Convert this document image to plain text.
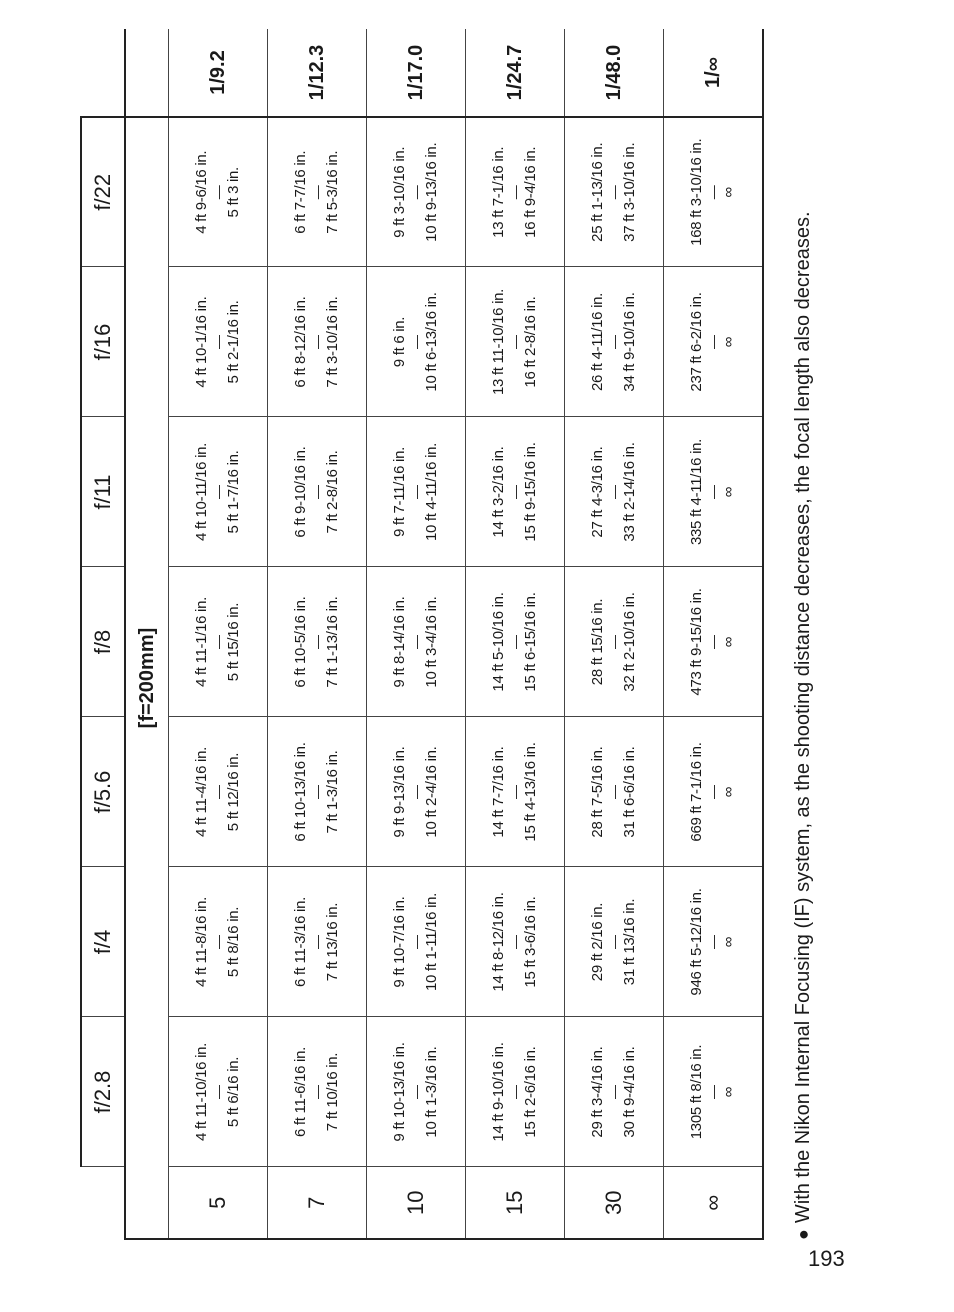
	f/2.8	f/4	f/5.6	f/8	f/11	f/16	f/22	
[f=200mm]								
5	4 ft 11-10/16 in. — 5 ft 6/16 in.	4 ft 11-8/16 in. — 5 ft 8/16 in.	4 ft 11-4/16 in. — 5 ft 12/16 in.	4 ft 11-1/16 in. — 5 ft 15/16 in.	4 ft 10-11/16 in. — 5 ft 1-7/16 in.	4 ft 10-1/16 in. — 5 ft 2-1/16 in.	4 ft 9-6/16 in. — 5 ft 3 in.	1/9.2
7	6 ft 11-6/16 in. — 7 ft 10/16 in.	6 ft 11-3/16 in. — 7 ft 13/16 in.	6 ft 10-13/16 in. — 7 ft 1-3/16 in.	6 ft 10-5/16 in. — 7 ft 1-13/16 in.	6 ft 9-10/16 in. — 7 ft 2-8/16 in.	6 ft 8-12/16 in. — 7 ft 3-10/16 in.	6 ft 7-7/16 in. — 7 ft 5-3/16 in.	1/12.3
10	9 ft 10-13/16 in. — 10 ft 1-3/16 in.	9 ft 10-7/16 in. — 10 ft 1-11/16 in.	9 ft 9-13/16 in. — 10 ft 2-4/16 in.	9 ft 8-14/16 in. — 10 ft 3-4/16 in.	9 ft 7-11/16 in. — 10 ft 4-11/16 in.	9 ft 6 in. — 10 ft 6-13/16 in.	9 ft 3-10/16 in. — 10 ft 9-13/16 in.	1/17.0
15	14 ft 9-10/16 in. — 15 ft 2-6/16 in.	14 ft 8-12/16 in. — 15 ft 3-6/16 in.	14 ft 7-7/16 in. — 15 ft 4-13/16 in.	14 ft 5-10/16 in. — 15 ft 6-15/16 in.	14 ft 3-2/16 in. — 15 ft 9-15/16 in.	13 ft 11-10/16 in. — 16 ft 2-8/16 in.	13 ft 7-1/16 in. — 16 ft 9-4/16 in.	1/24.7
30	29 ft 3-4/16 in. — 30 ft 9-4/16 in.	29 ft 2/16 in. — 31 ft 13/16 in.	28 ft 7-5/16 in. — 31 ft 6-6/16 in.	28 ft 15/16 in. — 32 ft 2-10/16 in.	27 ft 4-3/16 in. — 33 ft 2-14/16 in.	26 ft 4-11/16 in. — 34 ft 9-10/16 in.	25 ft 1-13/16 in. — 37 ft 3-10/16 in.	1/48.0
∞	1305 ft 8/16 in. — ∞	946 ft 5-12/16 in. — ∞	669 ft 7-1/16 in. — ∞	473 ft 9-15/16 in. — ∞	335 ft 4-11/16 in. — ∞	237 ft 6-2/16 in. — ∞	168 ft 3-10/16 in. — ∞	1/∞
●With the Nikon Internal Focusing (IF) system, as the shooting distance decreases, the focal length also decreases.
193
